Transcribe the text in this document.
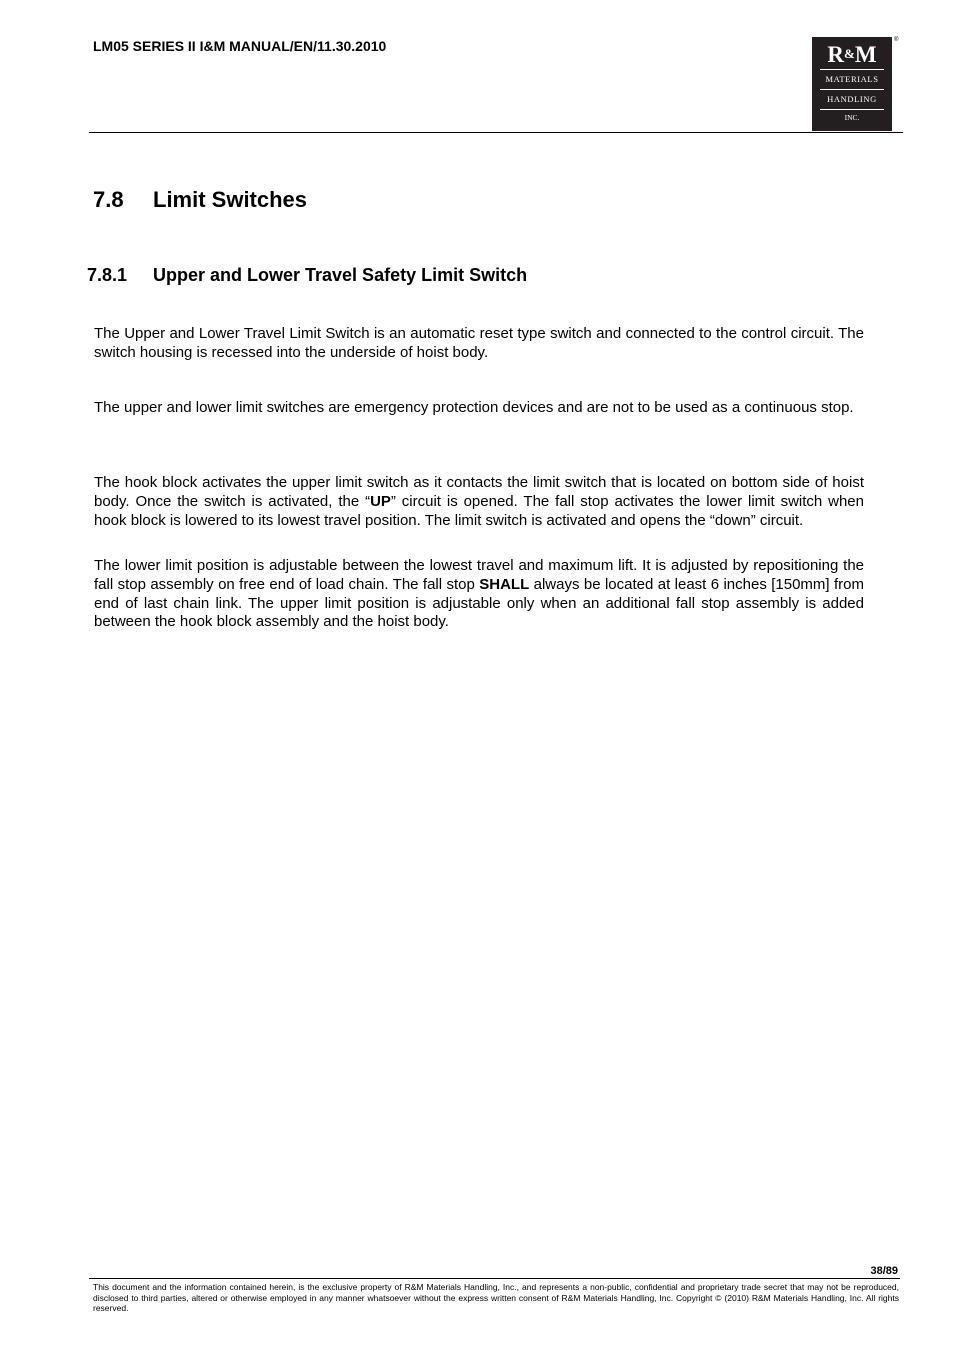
LM05 SERIES II I&M MANUAL/EN/11.30.2010	R&M
MATERIALS
HANDLING
INC.
®
7.8 Limit Switches
7.8.1 Upper and Lower Travel Safety Limit Switch
The Upper and Lower Travel Limit Switch is an automatic reset type switch and connected to the control circuit. The switch housing is recessed into the underside of hoist body.
The upper and lower limit switches are emergency protection devices and are not to be used as a continuous stop.
The hook block activates the upper limit switch as it contacts the limit switch that is located on bottom side of hoist body. Once the switch is activated, the “UP” circuit is opened. The fall stop activates the lower limit switch when hook block is lowered to its lowest travel position. The limit switch is activated and opens the “down” circuit.
The lower limit position is adjustable between the lowest travel and maximum lift. It is adjusted by repositioning the fall stop assembly on free end of load chain. The fall stop SHALL always be located at least 6 inches [150mm] from end of last chain link. The upper limit position is adjustable only when an additional fall stop assembly is added between the hook block assembly and the hoist body.
38/89
This document and the information contained herein, is the exclusive property of R&M Materials Handling, Inc., and represents a non-public, confidential and proprietary trade secret that may not be reproduced, disclosed to third parties, altered or otherwise employed in any manner whatsoever without the express written consent of R&M Materials Handling, Inc. Copyright © (2010) R&M Materials Handling, Inc. All rights reserved.
